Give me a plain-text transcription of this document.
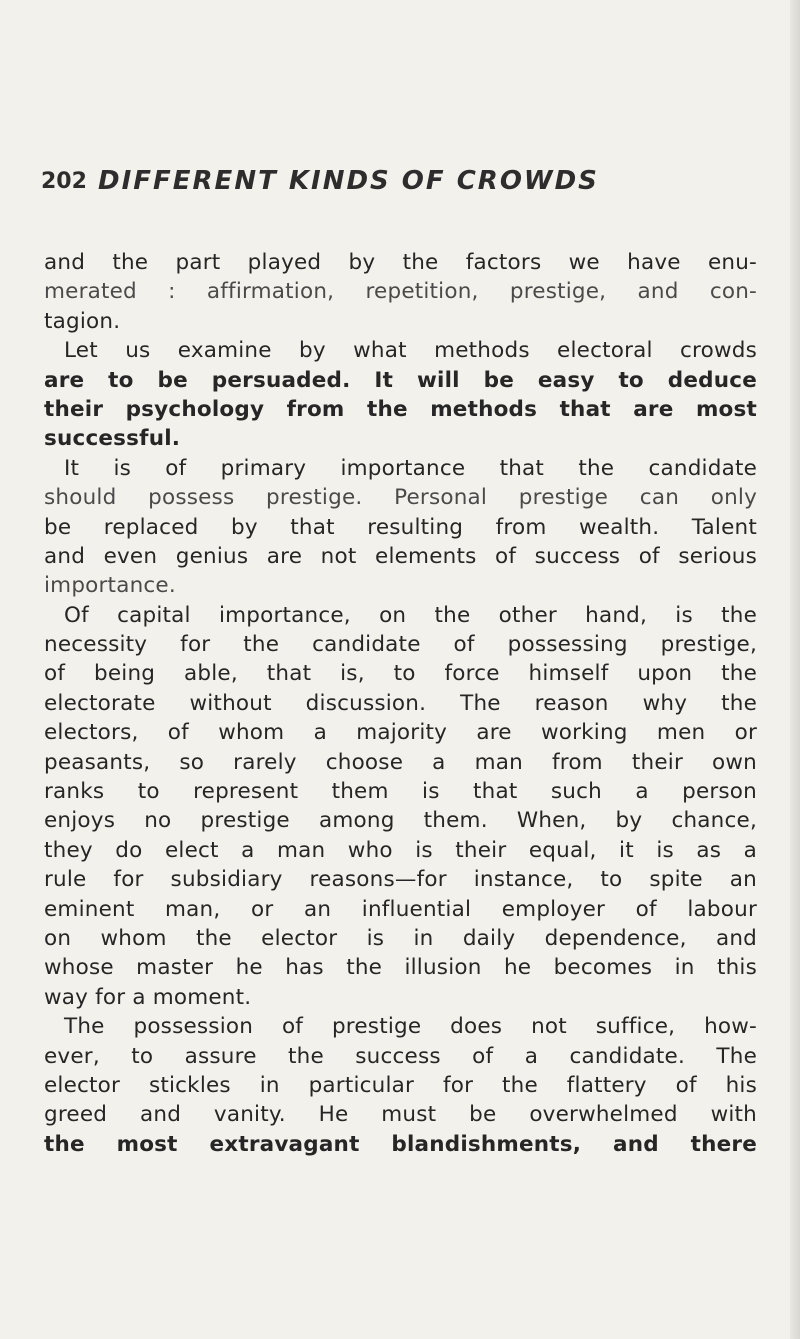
202 DIFFERENT KINDS OF CROWDS
and the part played by the factors we have enu-
merated : affirmation, repetition, prestige, and con-
tagion.
Let us examine by what methods electoral crowds
are to be persuaded. It will be easy to deduce
their psychology from the methods that are most
successful.
It is of primary importance that the candidate
should possess prestige. Personal prestige can only
be replaced by that resulting from wealth. Talent
and even genius are not elements of success of serious
importance.
Of capital importance, on the other hand, is the
necessity for the candidate of possessing prestige,
of being able, that is, to force himself upon the
electorate without discussion. The reason why the
electors, of whom a majority are working men or
peasants, so rarely choose a man from their own
ranks to represent them is that such a person
enjoys no prestige among them. When, by chance,
they do elect a man who is their equal, it is as a
rule for subsidiary reasons—for instance, to spite an
eminent man, or an influential employer of labour
on whom the elector is in daily dependence, and
whose master he has the illusion he becomes in this
way for a moment.
The possession of prestige does not suffice, how-
ever, to assure the success of a candidate. The
elector stickles in particular for the flattery of his
greed and vanity. He must be overwhelmed with
the most extravagant blandishments, and there
